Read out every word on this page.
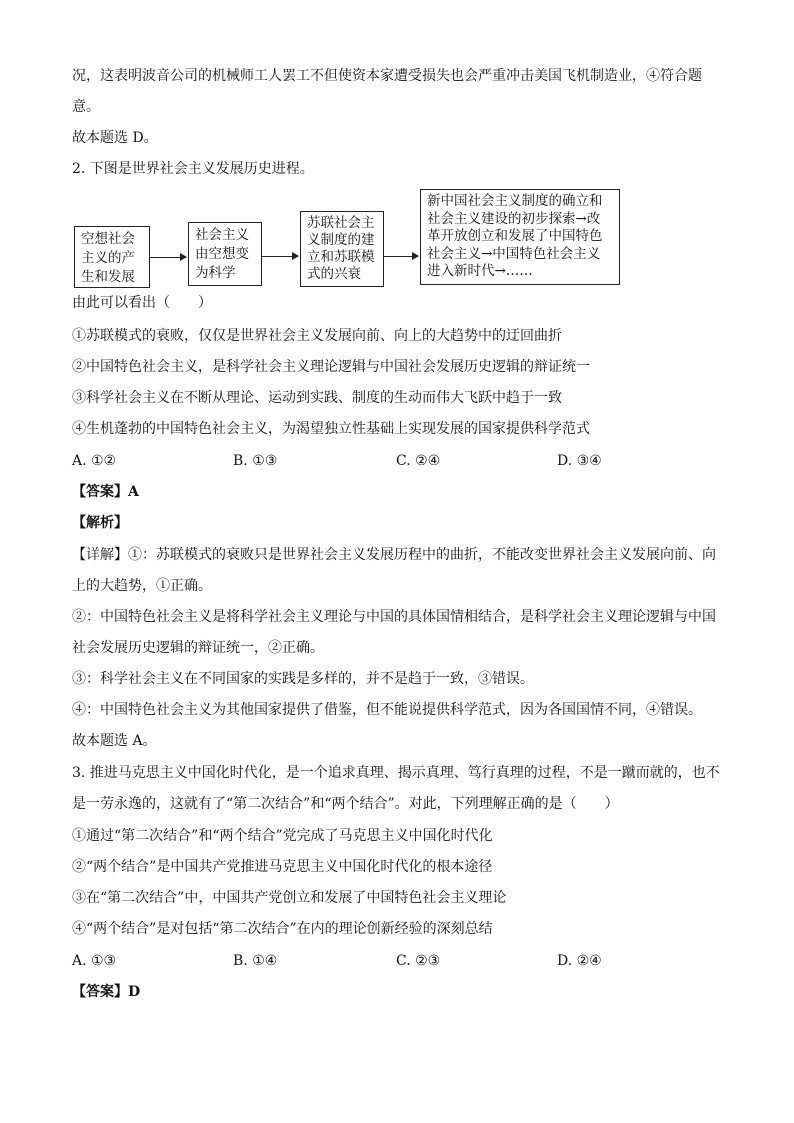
况，这表明波音公司的机械师工人罢工不但使资本家遭受损失也会严重冲击美国飞机制造业，④符合题
意。
故本题选 D。
2. 下图是世界社会主义发展历史进程。
空想社会
主义的产
生和发展
社会主义
由空想变
为科学
苏联社会主
义制度的建
立和苏联模
式的兴衰
新中国社会主义制度的确立和
社会主义建设的初步探索→改
革开放创立和发展了中国特色
社会主义→中国特色社会主义
进入新时代→……
由此可以看出（　　）
①苏联模式的衰败，仅仅是世界社会主义发展向前、向上的大趋势中的迂回曲折
②中国特色社会主义，是科学社会主义理论逻辑与中国社会发展历史逻辑的辩证统一
③科学社会主义在不断从理论、运动到实践、制度的生动而伟大飞跃中趋于一致
④生机蓬勃的中国特色社会主义，为渴望独立性基础上实现发展的国家提供科学范式
A. ①②	B. ①③	C. ②④	D. ③④
【答案】A
【解析】
【详解】①：苏联模式的衰败只是世界社会主义发展历程中的曲折，不能改变世界社会主义发展向前、向
上的大趋势，①正确。
②：中国特色社会主义是将科学社会主义理论与中国的具体国情相结合，是科学社会主义理论逻辑与中国
社会发展历史逻辑的辩证统一，②正确。
③：科学社会主义在不同国家的实践是多样的，并不是趋于一致，③错误。
④：中国特色社会主义为其他国家提供了借鉴，但不能说提供科学范式，因为各国国情不同，④错误。
故本题选 A。
3. 推进马克思主义中国化时代化，是一个追求真理、揭示真理、笃行真理的过程，不是一蹴而就的，也不
是一劳永逸的，这就有了“第二次结合”和“两个结合”。对此，下列理解正确的是（　　）
①通过“第二次结合”和“两个结合”党完成了马克思主义中国化时代化
②“两个结合”是中国共产党推进马克思主义中国化时代化的根本途径
③在“第二次结合”中，中国共产党创立和发展了中国特色社会主义理论
④“两个结合”是对包括“第二次结合”在内的理论创新经验的深刻总结
A. ①③	B. ①④	C. ②③	D. ②④
【答案】D
